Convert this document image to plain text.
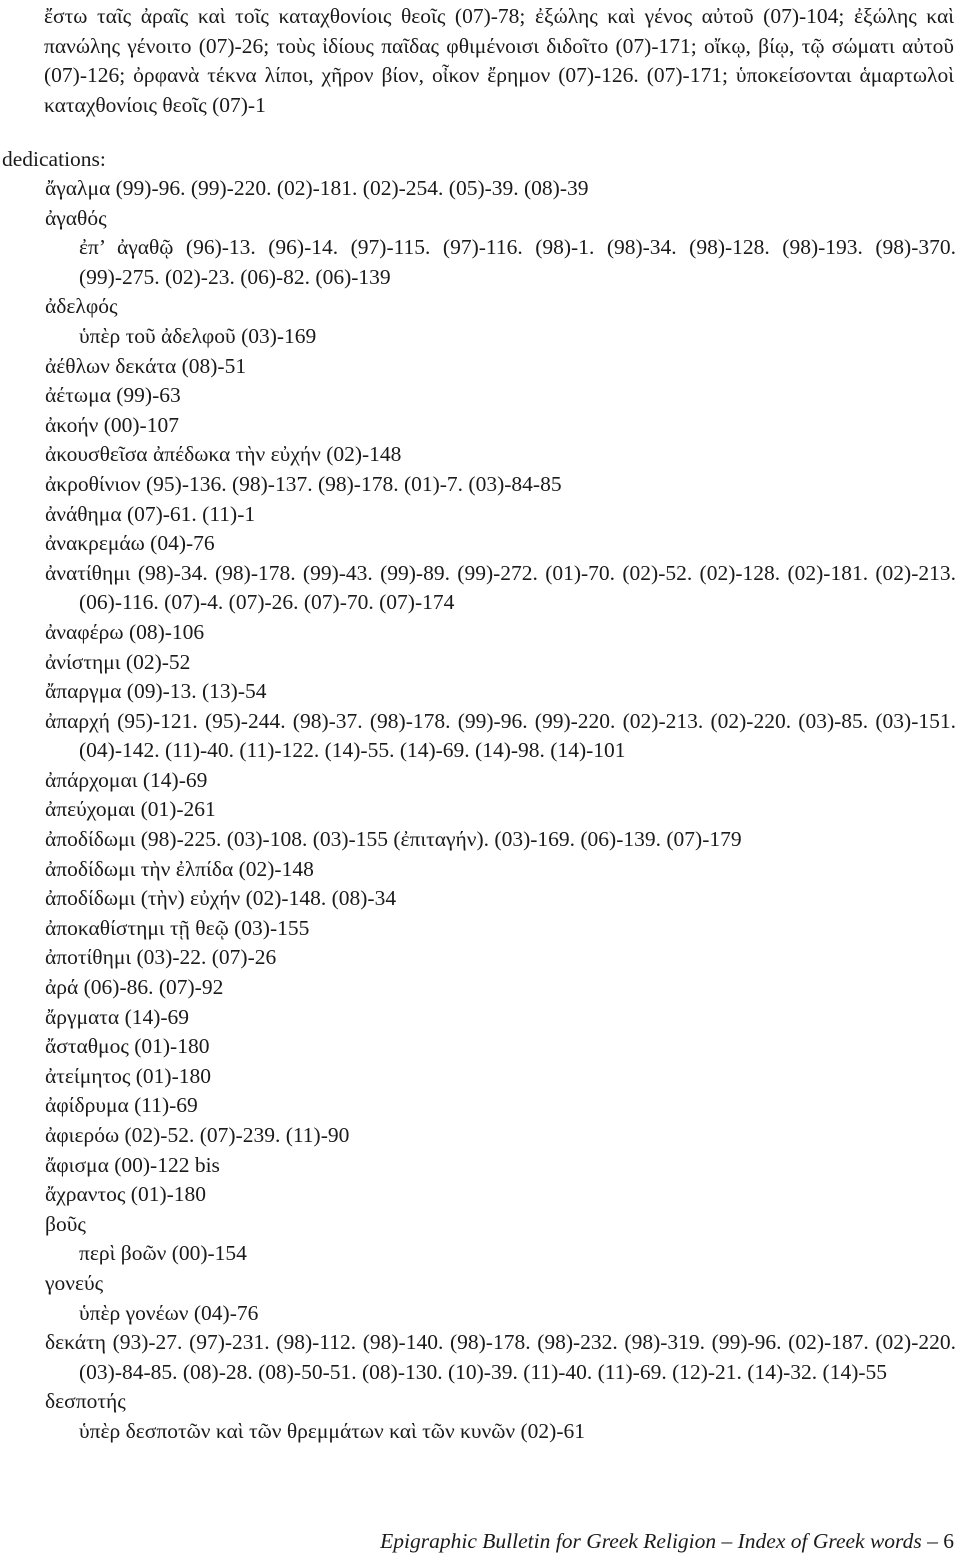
ἔστω ταῖς ἀραῖς καὶ τοῖς καταχθονίοις θεοῖς (07)-78; ἐξώλης καὶ γένος αὐτοῦ (07)-104; ἐξώλης καὶ πανώλης γένοιτο (07)-26; τοὺς ἰδίους παῖδας φθιμένοισι διδοῖτο (07)-171; οἴκῳ, βίῳ, τῷ σώματι αὐτοῦ (07)-126; ὀρφανὰ τέκνα λίποι, χῆρον βίον, οἶκον ἔρημον (07)-126. (07)-171; ὑποκείσονται ἁμαρτωλοὶ καταχθονίοις θεοῖς (07)-1
dedications:
ἄγαλμα (99)-96. (99)-220. (02)-181. (02)-254. (05)-39. (08)-39
ἀγαθός
ἐπ’ ἀγαθῷ (96)-13. (96)-14. (97)-115. (97)-116. (98)-1. (98)-34. (98)-128. (98)-193. (98)-370. (99)-275. (02)-23. (06)-82. (06)-139
ἀδελφός
ὑπὲρ τοῦ ἀδελφοῦ (03)-169
ἀέθλων δεκάτα (08)-51
ἀέτωμα (99)-63
ἀκοήν (00)-107
ἀκουσθεῖσα ἀπέδωκα τὴν εὐχήν (02)-148
ἀκροθίνιον (95)-136. (98)-137. (98)-178. (01)-7. (03)-84-85
ἀνάθημα (07)-61. (11)-1
ἀνακρεμάω (04)-76
ἀνατίθημι (98)-34. (98)-178. (99)-43. (99)-89. (99)-272. (01)-70. (02)-52. (02)-128. (02)-181. (02)-213. (06)-116. (07)-4. (07)-26. (07)-70. (07)-174
ἀναφέρω (08)-106
ἀνίστημι (02)-52
ἄπαργμα (09)-13. (13)-54
ἀπαρχή (95)-121. (95)-244. (98)-37. (98)-178. (99)-96. (99)-220. (02)-213. (02)-220. (03)-85. (03)-151. (04)-142. (11)-40. (11)-122. (14)-55. (14)-69. (14)-98. (14)-101
ἀπάρχομαι (14)-69
ἀπεύχομαι (01)-261
ἀποδίδωμι (98)-225. (03)-108. (03)-155 (ἐπιταγήν). (03)-169. (06)-139. (07)-179
ἀποδίδωμι τὴν ἐλπίδα (02)-148
ἀποδίδωμι (τὴν) εὐχήν (02)-148. (08)-34
ἀποκαθίστημι τῇ θεῷ (03)-155
ἀποτίθημι (03)-22. (07)-26
ἀρά (06)-86. (07)-92
ἄργματα (14)-69
ἄσταθμος (01)-180
ἀτείμητος (01)-180
ἀφίδρυμα (11)-69
ἀφιερόω (02)-52. (07)-239. (11)-90
ἄφισμα (00)-122 bis
ἄχραντος (01)-180
βοῦς
περὶ βοῶν (00)-154
γονεύς
ὑπὲρ γονέων (04)-76
δεκάτη (93)-27. (97)-231. (98)-112. (98)-140. (98)-178. (98)-232. (98)-319. (99)-96. (02)-187. (02)-220. (03)-84-85. (08)-28. (08)-50-51. (08)-130. (10)-39. (11)-40. (11)-69. (12)-21. (14)-32. (14)-55
δεσποτής
ὑπὲρ δεσποτῶν καὶ τῶν θρεμμάτων καὶ τῶν κυνῶν (02)-61
Epigraphic Bulletin for Greek Religion – Index of Greek words – 6
